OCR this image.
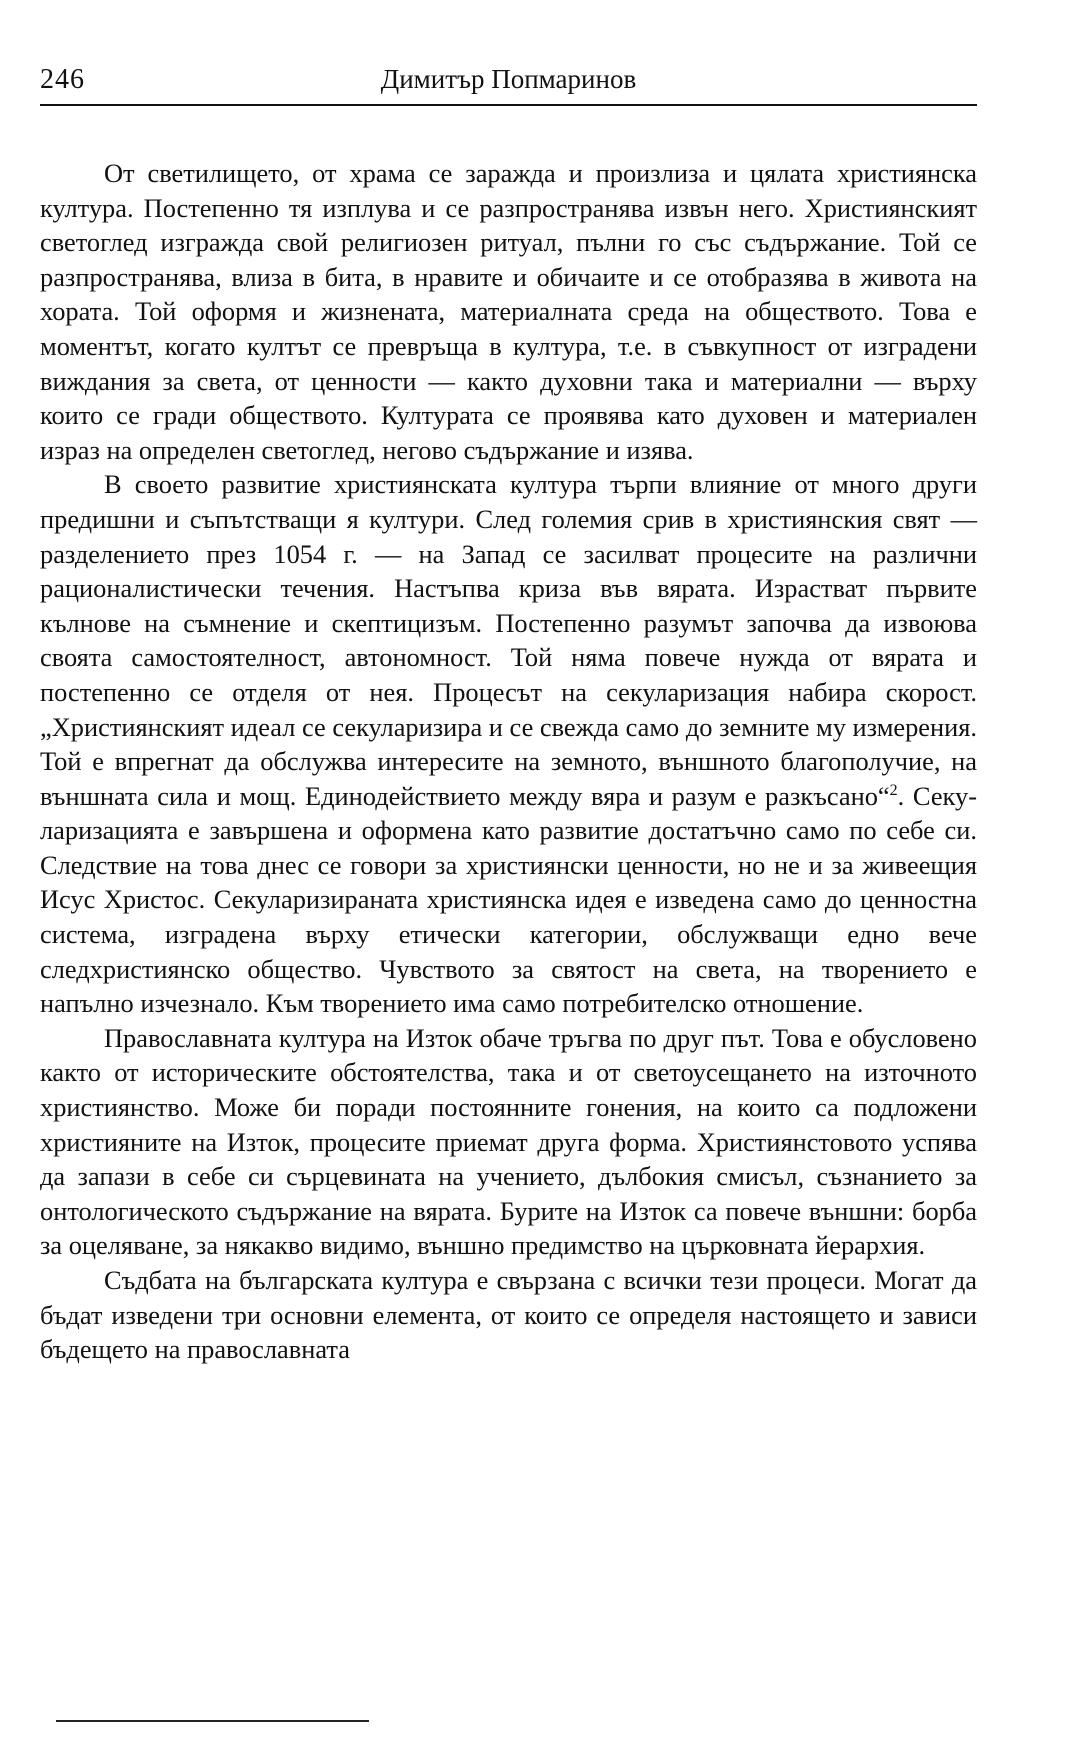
246	Димитър Попмаринов

От светилището, от храма се заражда и произлиза и цялата християнска култура. Постепенно тя изплува и се разпространява извън него. Християнският светоглед изгражда свой религиозен ритуал, пълни го със съдържание. Той се разпространява, влиза в бита, в нравите и обичаите и се отобразява в живота на хората. Той оформя и жизнената, материалната среда на обществото. Това е моментът, когато култът се превръща в култура, т.е. в съвкупност от изградени виждания за света, от ценности — както духовни така и материални — върху които се гради обществото. Културата се проявява като духовен и материален израз на определен светоглед, негово съдържание и изява.

В своето развитие християнската култура търпи влияние от много други предишни и съпътстващи я култури. След големия срив в християнския свят — разделението през 1054 г. — на Запад се засилват процесите на различни рационалистически течения. Настъпва криза във вярата. Израстват първите кълнове на съмнение и скептицизъм. Постепенно разумът започва да извоюва своята самостоятелност, автономност. Той няма повече нужда от вярата и постепенно се отделя от нея. Процесът на секуларизация набира скорост. „Християнският идеал се секуларизира и се свежда само до земните му измерения. Той е впрегнат да обслужва интересите на земното, външното благополучие, на външната сила и мощ. Единодействието между вяра и разум е разкъсано“$^2$. Секуларизацията е завършена и оформена като развитие достатъчно само по себе си. Следствие на това днес се говори за християнски ценности, но не и за живеещия Исус Христос. Секуларизираната християнска идея е изведена само до ценностна система, изградена върху етически категории, обслужващи едно вече следхристиянско общество. Чувството за святост на света, на творението е напълно изчезнало. Към творението има само потребителско отношение.

Православната култура на Изток обаче тръгва по друг път. Това е обусловено както от историческите обстоятелства, така и от светоусещането на източното християнство. Може би поради постоянните гонения, на които са подложени християните на Изток, процесите приемат друга форма. Християнстовото успява да запази в себе си сърцевината на учението, дълбокия смисъл, съзнанието за онтологическото съдържание на вярата. Бурите на Изток са повече външни: борба за оцеляване, за някакво видимо, външно предимство на църковната йерархия.

Съдбата на българската култура е свързана с всички тези процеси. Могат да бъдат изведени три основни елемента, от които се определя настоящето и зависи бъдещето на православната
